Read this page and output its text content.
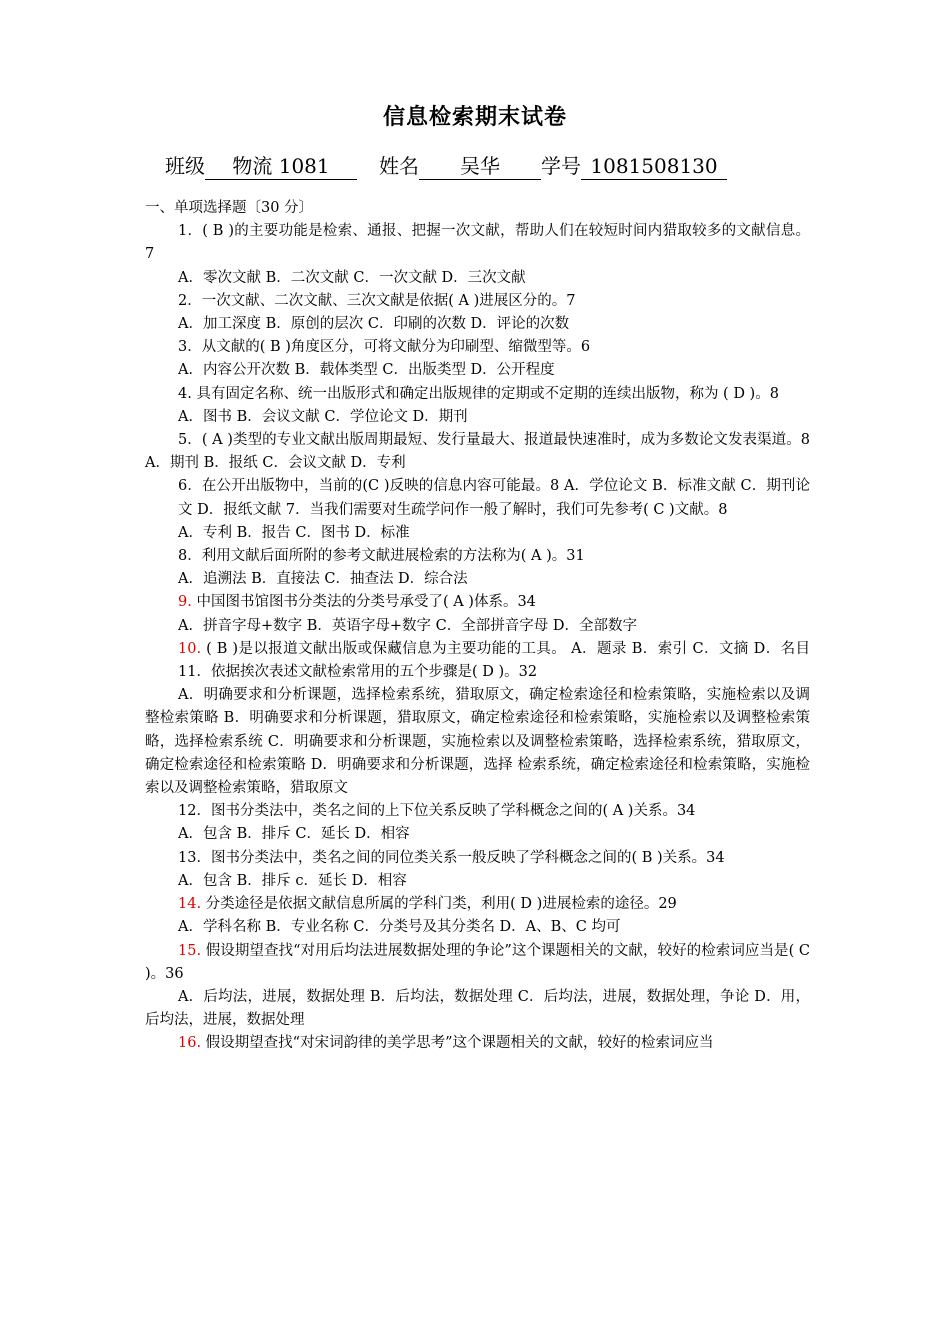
信息检索期末试卷
班级 物流 1081 姓名 吴华 学号 1081508130

一、单项选择题〔30 分〕

1．( B )的主要功能是检索、通报、把握一次文献，帮助人们在较短时间内猎取较多的文献信息。 7

A．零次文献 B．二次文献 C．一次文献 D．三次文献

2．一次文献、二次文献、三次文献是依据( A )进展区分的。7

A．加工深度 B．原创的层次 C．印刷的次数 D．评论的次数

3．从文献的( B )角度区分，可将文献分为印刷型、缩微型等。6

A．内容公开次数 B．载体类型 C．出版类型 D．公开程度

4. 具有固定名称、统一出版形式和确定出版规律的定期或不定期的连续出版物，称为 ( D )。8

A．图书 B．会议文献 C．学位论文 D．期刊

5．( A )类型的专业文献出版周期最短、发行量最大、报道最快速准时，成为多数论文发表渠道。8 A．期刊 B．报纸 C．会议文献 D．专利

6．在公开出版物中，当前的(C )反映的信息内容可能最。8 A．学位论文 B．标准文献 C．期刊论文 D．报纸文献 7．当我们需要对生疏学问作一般了解时，我们可先参考( C )文献。8

A．专利 B．报告 C．图书 D．标准

8．利用文献后面所附的参考文献进展检索的方法称为( A )。31

A．追溯法 B．直接法 C．抽查法 D．综合法

9. 中国图书馆图书分类法的分类号承受了( A )体系。34

A．拼音字母+数字 B．英语字母+数字 C．全部拼音字母 D．全部数字

10. ( B )是以报道文献出版或保藏信息为主要功能的工具。 A．题录 B．索引 C．文摘 D．名目 11．依据挨次表述文献检索常用的五个步骤是( D )。32

A．明确要求和分析课题，选择检索系统，猎取原文，确定检索途径和检索策略，实施检索以及调整检索策略 B．明确要求和分析课题，猎取原文，确定检索途径和检索策略，实施检索以及调整检索策略，选择检索系统 C．明确要求和分析课题，实施检索以及调整检索策略，选择检索系统，猎取原文，确定检索途径和检索策略 D．明确要求和分析课题，选择 检索系统，确定检索途径和检索策略，实施检索以及调整检索策略，猎取原文

12．图书分类法中，类名之间的上下位关系反映了学科概念之间的( A )关系。34

A．包含 B．排斥 C．延长 D．相容

13．图书分类法中，类名之间的同位类关系一般反映了学科概念之间的( B )关系。34

A．包含 B．排斥 c．延长 D．相容

14. 分类途径是依据文献信息所属的学科门类，利用( D )进展检索的途径。29

A．学科名称 B．专业名称 C．分类号及其分类名 D．A、B、C 均可

15. 假设期望查找“对用后均法进展数据处理的争论”这个课题相关的文献，较好的检索词应当是( C )。36

A．后均法，进展，数据处理 B．后均法，数据处理 C．后均法，进展，数据处理，争论 D．用，后均法，进展，数据处理

16. 假设期望查找“对宋词韵律的美学思考”这个课题相关的文献，较好的检索词应当
